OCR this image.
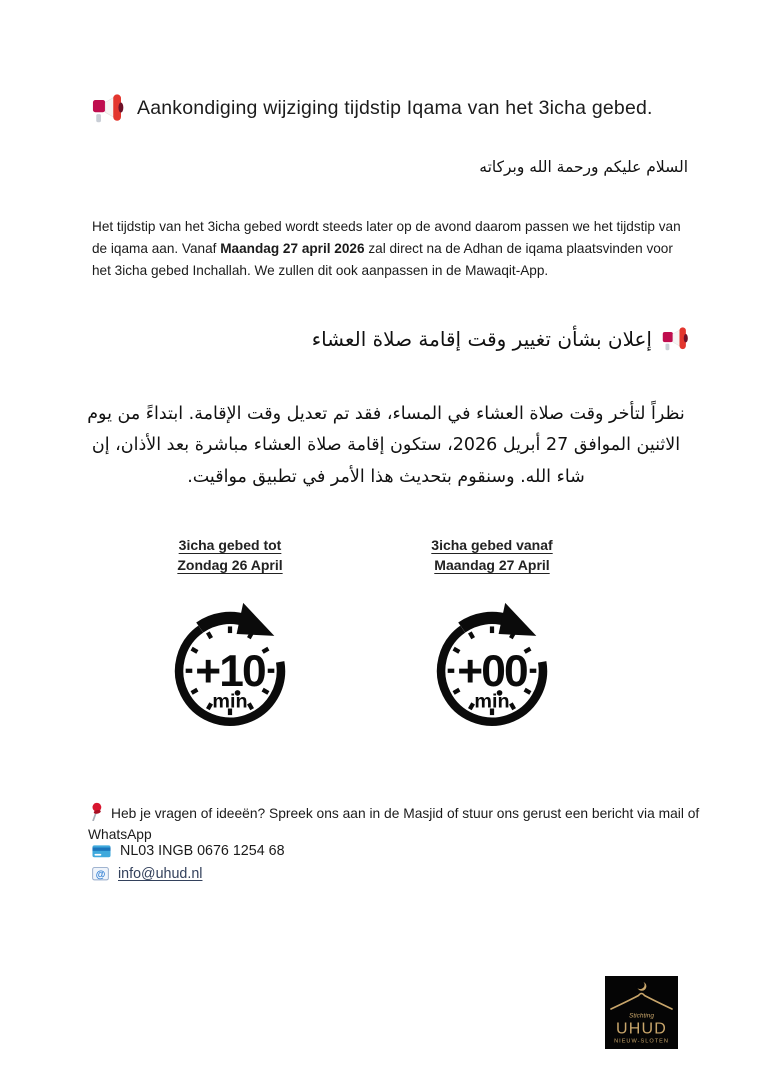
Aankondiging wijziging tijdstip Iqama van het 3icha gebed.
السلام عليكم ورحمة الله وبركاته

Het tijdstip van het 3icha gebed wordt steeds later op de avond daarom passen we het tijdstip van de iqama aan. Vanaf Maandag 27 april 2026 zal direct na de Adhan de iqama plaatsvinden voor het 3icha gebed Inchallah. We zullen dit ook aanpassen in de Mawaqit-App.

إعلان بشأن تغيير وقت إقامة صلاة العشاء

نظراً لتأخر وقت صلاة العشاء في المساء، فقد تم تعديل وقت الإقامة. ابتداءً من يوم الاثنين الموافق 27 أبريل 2026، ستكون إقامة صلاة العشاء مباشرة بعد الأذان، إن شاء الله. وسنقوم بتحديث هذا الأمر في تطبيق مواقيت.

3icha gebed tot
Zondag 26 April
+10
min
3icha gebed vanaf
Maandag 27 April
+00
min

Heb je vragen of ideeën? Spreek ons aan in de Masjid of stuur ons gerust een bericht via mail of WhatsApp

NL03 INGB 0676 1254 68
@ info@uhud.nl
Stichting
UHUD
NIEUW-SLOTEN
